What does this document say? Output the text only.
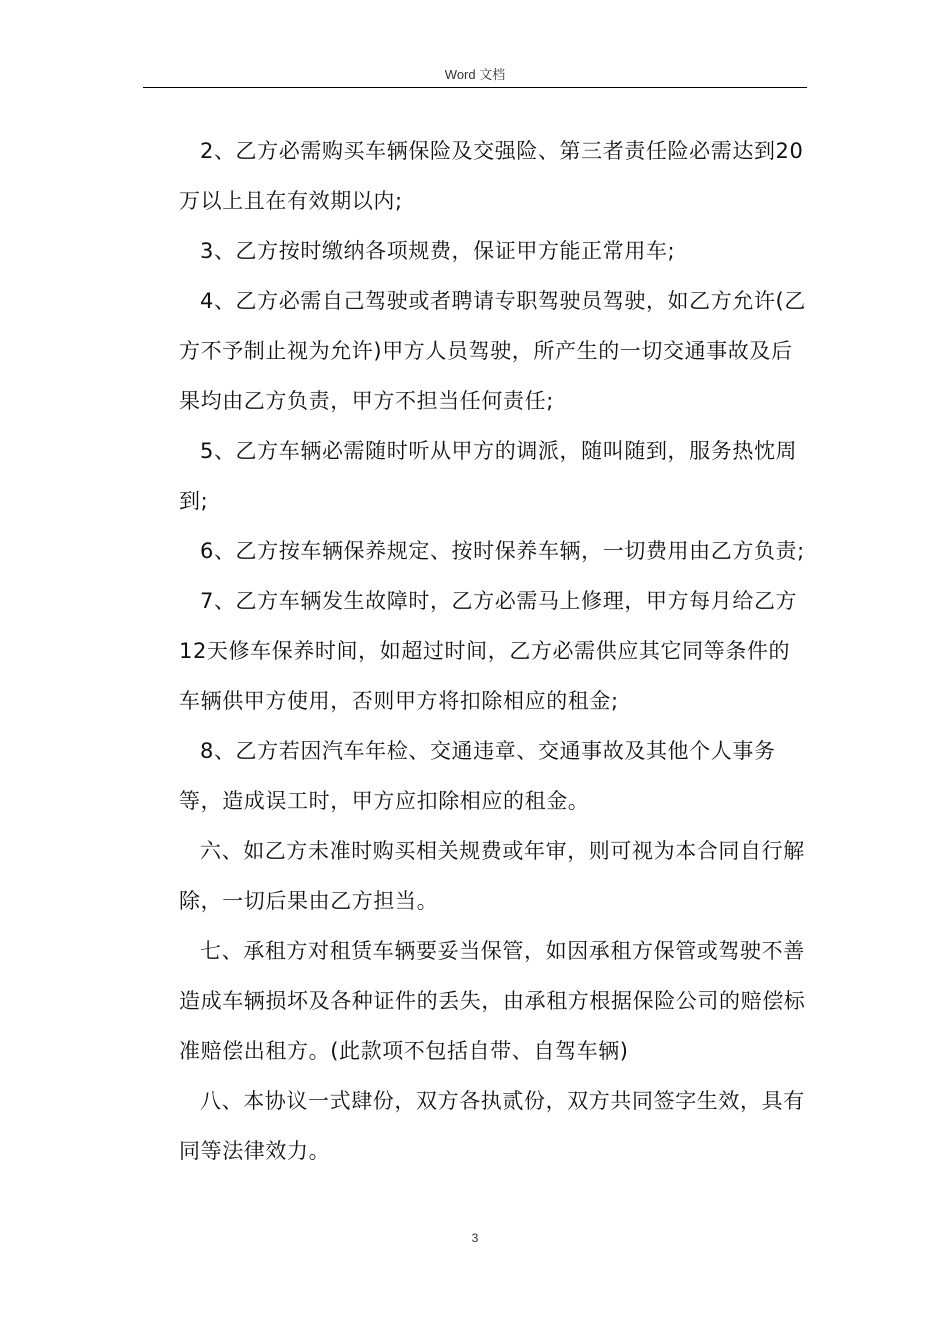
Word 文档

2、乙方必需购买车辆保险及交强险、第三者责任险必需达到20万以上且在有效期以内;

3、乙方按时缴纳各项规费，保证甲方能正常用车;

4、乙方必需自己驾驶或者聘请专职驾驶员驾驶，如乙方允许(乙方不予制止视为允许)甲方人员驾驶，所产生的一切交通事故及后果均由乙方负责，甲方不担当任何责任;

5、乙方车辆必需随时听从甲方的调派，随叫随到，服务热忱周到;

6、乙方按车辆保养规定、按时保养车辆，一切费用由乙方负责;

7、乙方车辆发生故障时，乙方必需马上修理，甲方每月给乙方12天修车保养时间，如超过时间，乙方必需供应其它同等条件的车辆供甲方使用，否则甲方将扣除相应的租金;

8、乙方若因汽车年检、交通违章、交通事故及其他个人事务等，造成误工时，甲方应扣除相应的租金。

六、如乙方未准时购买相关规费或年审，则可视为本合同自行解除，一切后果由乙方担当。

七、承租方对租赁车辆要妥当保管，如因承租方保管或驾驶不善造成车辆损坏及各种证件的丢失，由承租方根据保险公司的赔偿标准赔偿出租方。(此款项不包括自带、自驾车辆)

八、本协议一式肆份，双方各执贰份，双方共同签字生效，具有同等法律效力。

3
